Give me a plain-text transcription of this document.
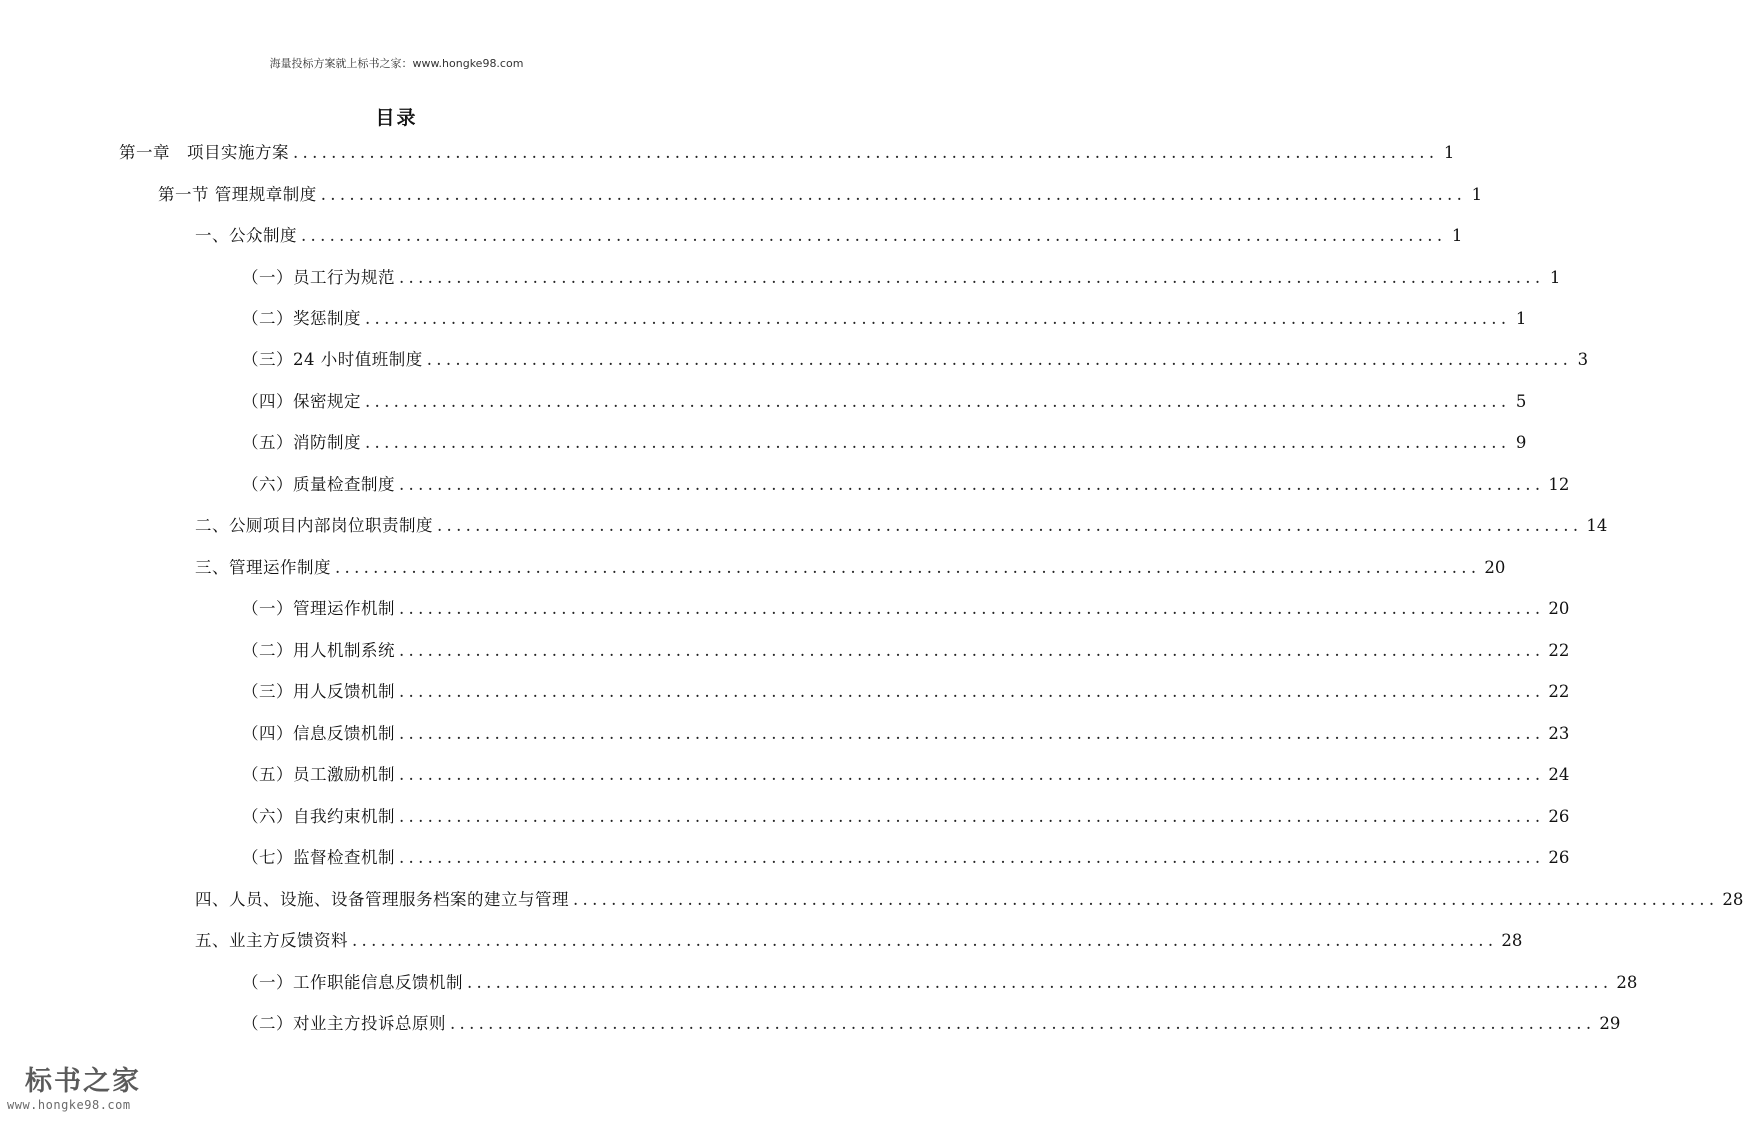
海量投标方案就上标书之家：www.hongke98.com
目录
第一章　项目实施方案 ........................................................................................................................ 1
第一节 管理规章制度 ........................................................................................................................ 1
一、公众制度 ........................................................................................................................ 1
（一）员工行为规范 ........................................................................................................................ 1
（二）奖惩制度 ........................................................................................................................ 1
（三）24 小时值班制度 ........................................................................................................................ 3
（四）保密规定 ........................................................................................................................ 5
（五）消防制度 ........................................................................................................................ 9
（六）质量检查制度 ........................................................................................................................ 12
二、公厕项目内部岗位职责制度 ........................................................................................................................ 14
三、管理运作制度 ........................................................................................................................ 20
（一）管理运作机制 ........................................................................................................................ 20
（二）用人机制系统 ........................................................................................................................ 22
（三）用人反馈机制 ........................................................................................................................ 22
（四）信息反馈机制 ........................................................................................................................ 23
（五）员工激励机制 ........................................................................................................................ 24
（六）自我约束机制 ........................................................................................................................ 26
（七）监督检查机制 ........................................................................................................................ 26
四、人员、设施、设备管理服务档案的建立与管理 ........................................................................................................................ 28
五、业主方反馈资料 ........................................................................................................................ 28
（一）工作职能信息反馈机制 ........................................................................................................................ 28
（二）对业主方投诉总原则 ........................................................................................................................ 29
标书之家
www.hongke98.com
